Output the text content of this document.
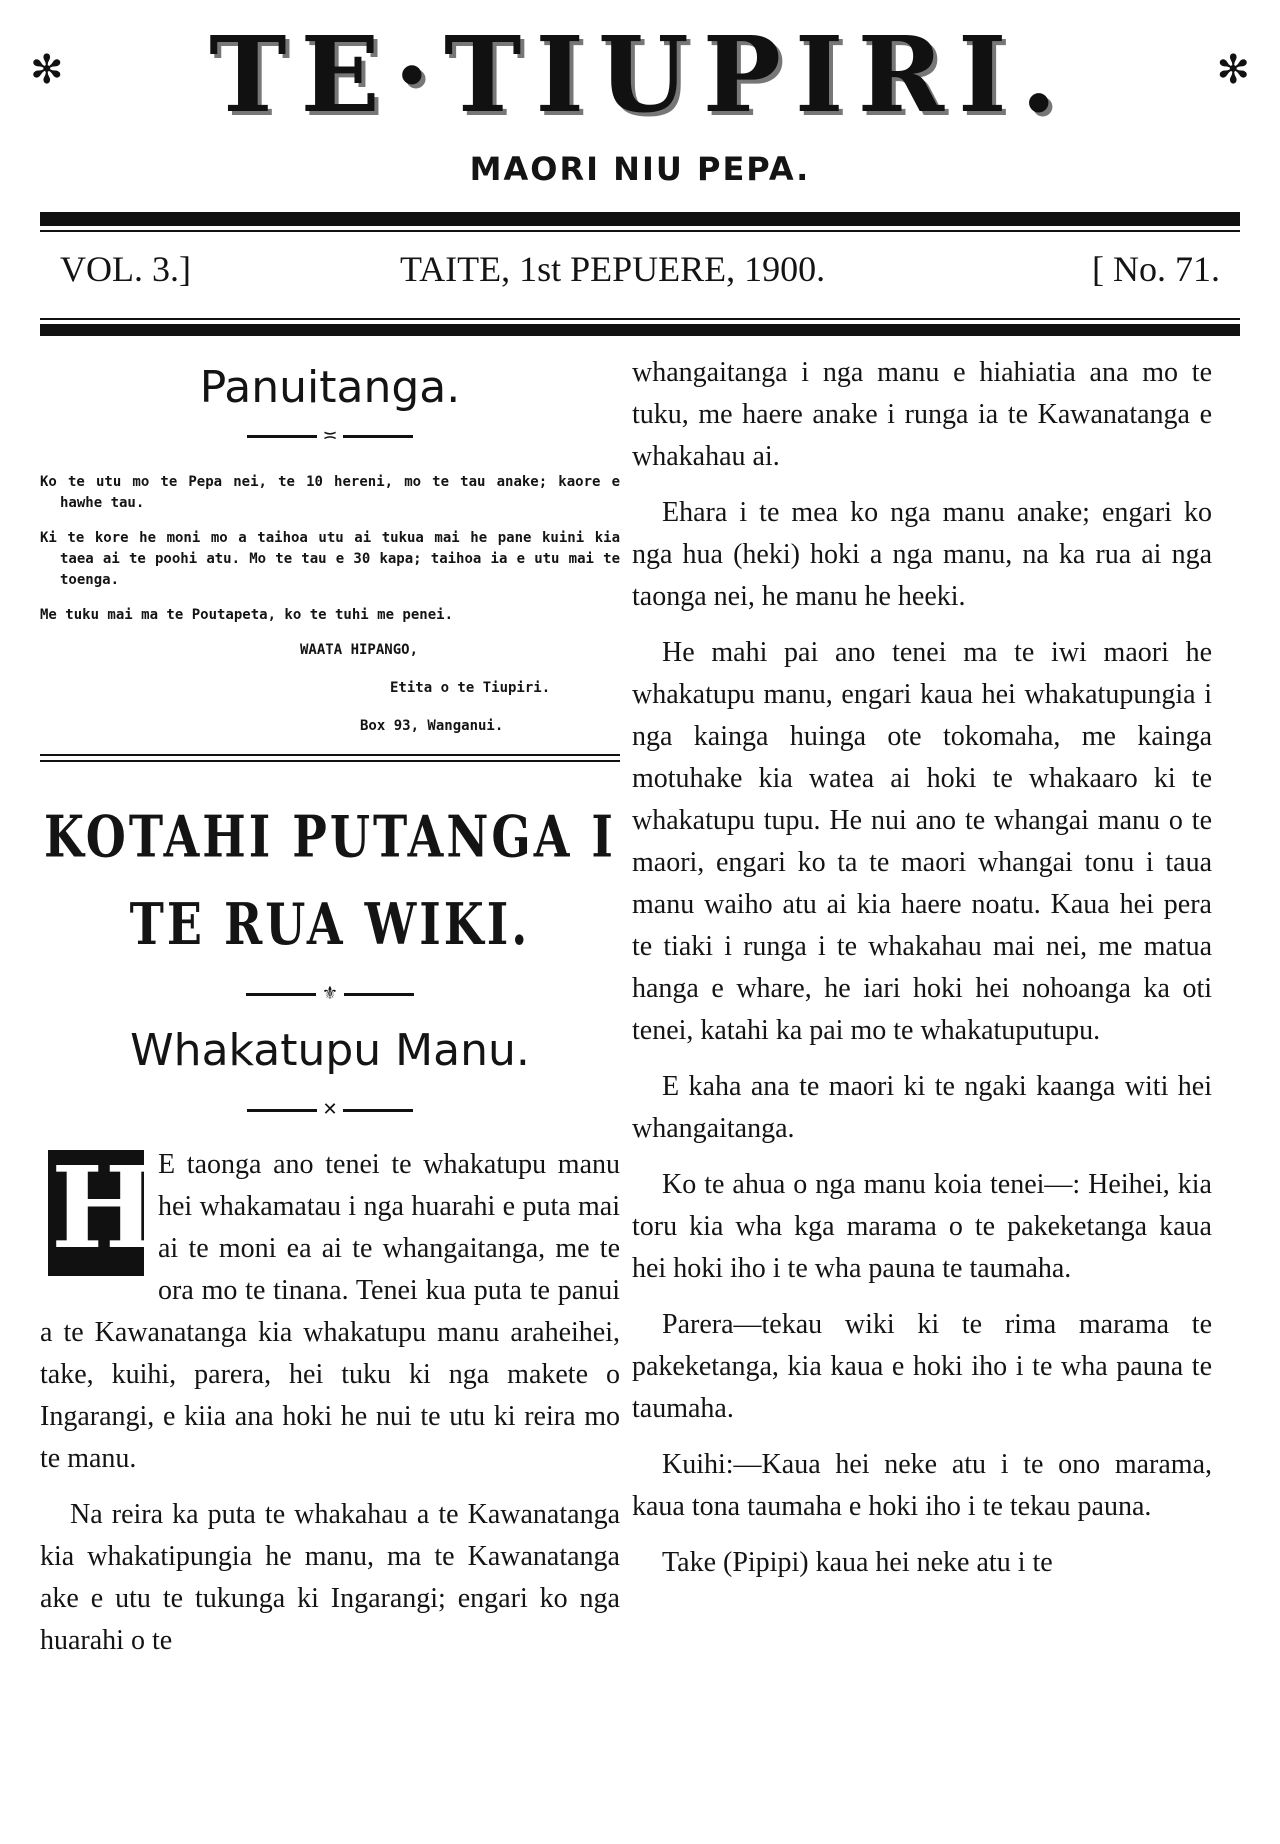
✻	TE·TIUPIRI.	✻
MAORI NIU PEPA.
VOL. 3.]	TAITE, 1st PEPUERE, 1900.	[ No. 71.
Panuitanga.
≍

Ko te utu mo te Pepa nei, te 10 hereni, mo te tau anake; kaore e hawhe tau.

Ki te kore he moni mo a taihoa utu ai tukua mai he pane kuini kia taea ai te poohi atu. Mo te tau e 30 kapa; taihoa ia e utu mai te toenga.

Me tuku mai ma te Poutapeta, ko te tuhi me penei.

WAATA HIPANGO,

Etita o te Tiupiri.

Box 93, Wanganui.

KOTAHI PUTANGA I TE RUA WIKI.
⚜
Whakatupu Manu.
✕

H E taonga ano tenei te whakatupu manu hei whakamatau i nga huarahi e puta mai ai te moni ea ai te whangaitanga, me te ora mo te tinana. Tenei kua puta te panui a te Kawanatanga kia whakatupu manu araheihei, take, kuihi, parera, hei tuku ki nga makete o Ingarangi, e kiia ana hoki he nui te utu ki reira mo te manu.

Na reira ka puta te whakahau a te Kawanatanga kia whakatipungia he manu, ma te Kawanatanga ake e utu te tukunga ki Ingarangi; engari ko nga huarahi o te

whangaitanga i nga manu e hiahiatia ana mo te tuku, me haere anake i runga ia te Kawanatanga e whakahau ai.

Ehara i te mea ko nga manu anake; engari ko nga hua (heki) hoki a nga manu, na ka rua ai nga taonga nei, he manu he heeki.

He mahi pai ano tenei ma te iwi maori he whakatupu manu, engari kaua hei whakatupungia i nga kainga huinga ote tokomaha, me kainga motuhake kia watea ai hoki te whakaaro ki te whakatupu tupu. He nui ano te whangai manu o te maori, engari ko ta te maori whangai tonu i taua manu waiho atu ai kia haere noatu. Kaua hei pera te tiaki i runga i te whakahau mai nei, me matua hanga e whare, he iari hoki hei nohoanga ka oti tenei, katahi ka pai mo te whakatuputupu.

E kaha ana te maori ki te ngaki kaanga witi hei whangaitanga.

Ko te ahua o nga manu koia tenei—: Heihei, kia toru kia wha kga marama o te pakeketanga kaua hei hoki iho i te wha pauna te taumaha.

Parera—tekau wiki ki te rima marama te pakeketanga, kia kaua e hoki iho i te wha pauna te taumaha.

Kuihi:—Kaua hei neke atu i te ono marama, kaua tona taumaha e hoki iho i te tekau pauna.

Take (Pipipi) kaua hei neke atu i te
